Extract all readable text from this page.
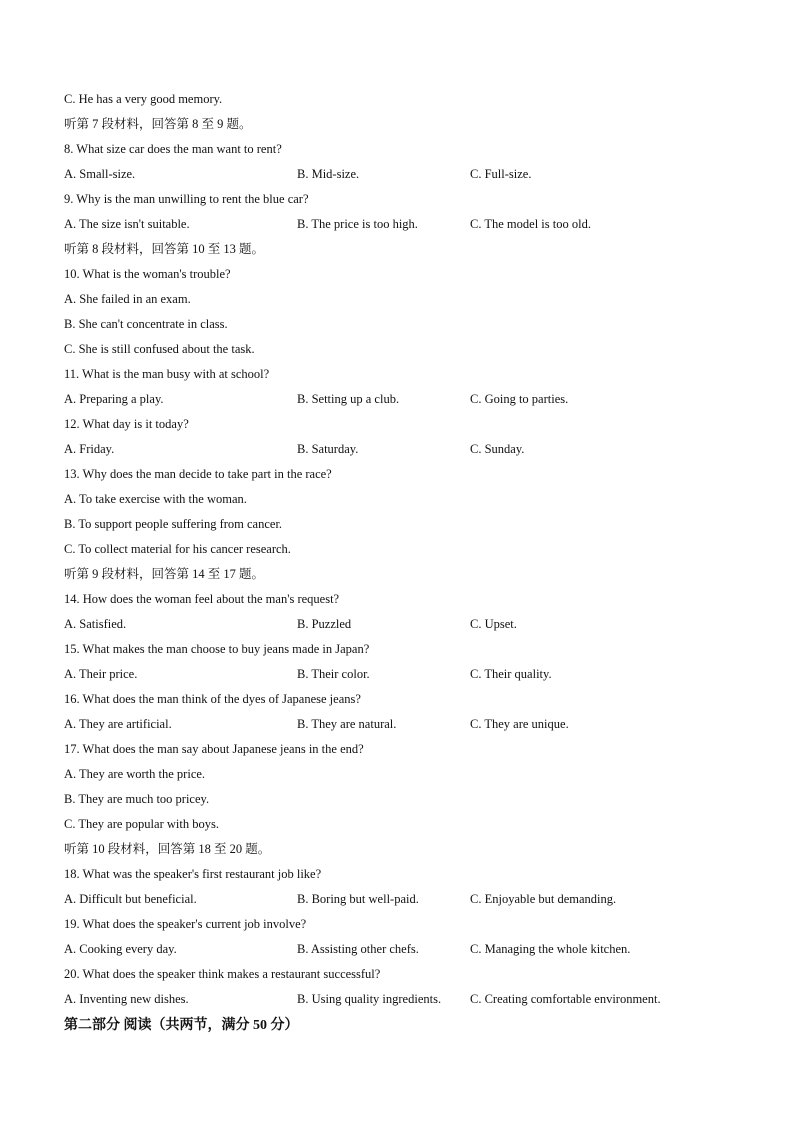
C. He has a very good memory.
听第 7 段材料，回答第 8 至 9 题。
8. What size car does the man want to rent?
A. Small-size.	B. Mid-size.	C. Full-size.
9. Why is the man unwilling to rent the blue car?
A. The size isn't suitable.	B. The price is too high.	C. The model is too old.
听第 8 段材料，回答第 10 至 13 题。
10. What is the woman's trouble?
A. She failed in an exam.
B. She can't concentrate in class.
C. She is still confused about the task.
11. What is the man busy with at school?
A. Preparing a play.	B. Setting up a club.	C. Going to parties.
12. What day is it today?
A. Friday.	B. Saturday.	C. Sunday.
13. Why does the man decide to take part in the race?
A. To take exercise with the woman.
B. To support people suffering from cancer.
C. To collect material for his cancer research.
听第 9 段材料，回答第 14 至 17 题。
14. How does the woman feel about the man's request?
A. Satisfied.	B. Puzzled	C. Upset.
15. What makes the man choose to buy jeans made in Japan?
A. Their price.	B. Their color.	C. Their quality.
16. What does the man think of the dyes of Japanese jeans?
A. They are artificial.	B. They are natural.	C. They are unique.
17. What does the man say about Japanese jeans in the end?
A. They are worth the price.
B. They are much too pricey.
C. They are popular with boys.
听第 10 段材料，回答第 18 至 20 题。
18. What was the speaker's first restaurant job like?
A. Difficult but beneficial.	B. Boring but well-paid.	C. Enjoyable but demanding.
19. What does the speaker's current job involve?
A. Cooking every day.	B. Assisting other chefs.	C. Managing the whole kitchen.
20. What does the speaker think makes a restaurant successful?
A. Inventing new dishes.	B. Using quality ingredients. C. Creating comfortable environment.
第二部分 阅读（共两节，满分 50 分）
